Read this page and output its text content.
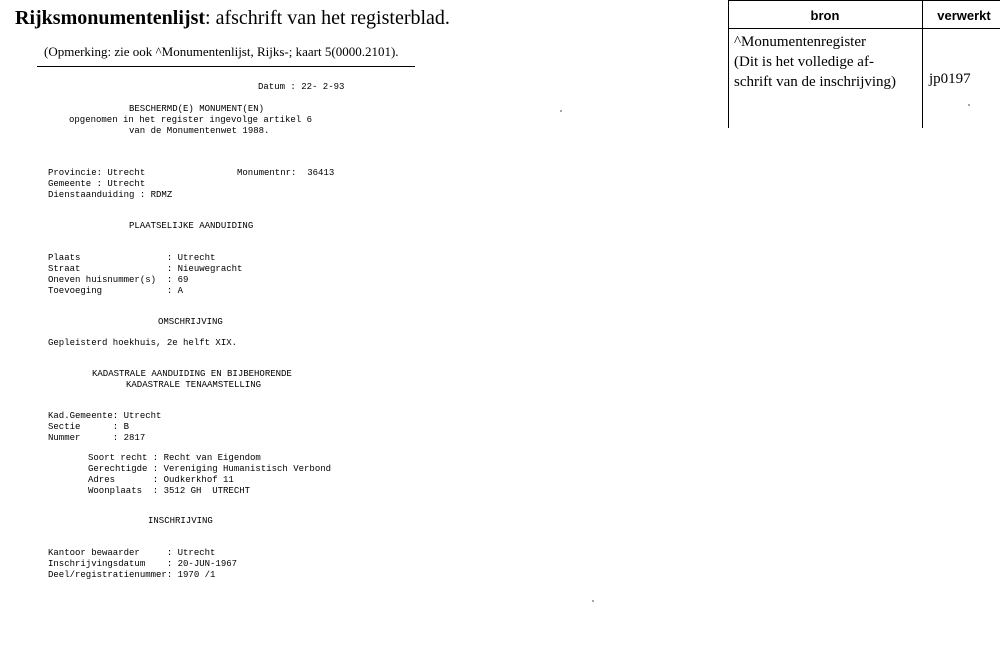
Rijksmonumentenlijst: afschrift van het registerblad.
(Opmerking: zie ook ^Monumentenlijst, Rijks-; kaart 5(0000.2101).
Datum : 22- 2-93
BESCHERMD(E) MONUMENT(EN)
opgenomen in het register ingevolge artikel 6
van de Monumentenwet 1988.
Provincie: Utrecht	Monumentnr:  36413
Gemeente : Utrecht
Dienstaanduiding : RDMZ
PLAATSELIJKE AANDUIDING
Plaats                : Utrecht
Straat                : Nieuwegracht
Oneven huisnummer(s)  : 69
Toevoeging            : A
OMSCHRIJVING
Gepleisterd hoekhuis, 2e helft XIX.
KADASTRALE AANDUIDING EN BIJBEHORENDE
KADASTRALE TENAAMSTELLING
Kad.Gemeente: Utrecht
Sectie      : B
Nummer      : 2817
Soort recht : Recht van Eigendom
Gerechtigde : Vereniging Humanistisch Verbond
Adres       : Oudkerkhof 11
Woonplaats  : 3512 GH  UTRECHT
INSCHRIJVING
Kantoor bewaarder     : Utrecht
Inschrijvingsdatum    : 20-JUN-1967
Deel/registratienummer: 1970 /1
bron	verwerkt
^Monumentenregister
(Dit is het volledige af-
schrift van de inschrijving) jp0197
